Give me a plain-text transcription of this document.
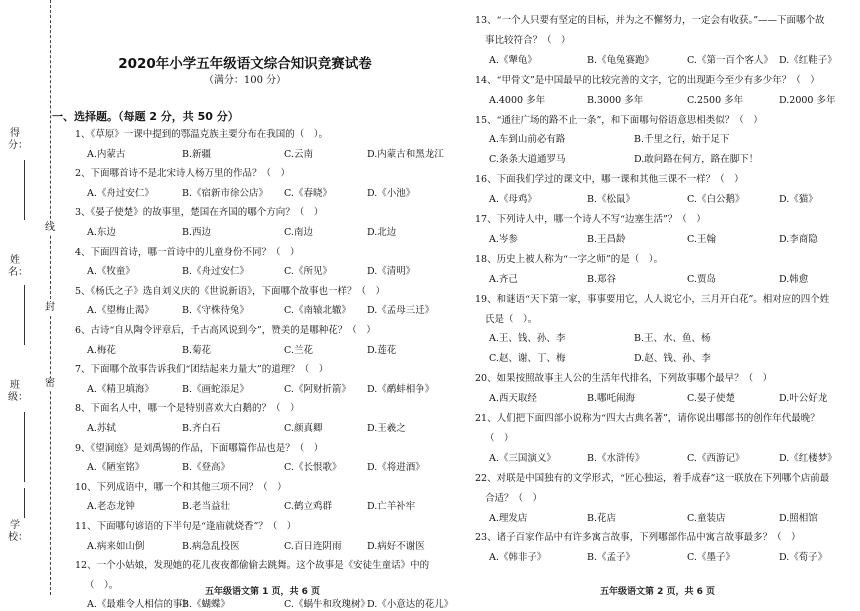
得分：
线
姓名：
封
密
班级：
学校：
2020年小学五年级语文综合知识竞赛试卷
（满分：100 分）
一、选择题。（每题 2 分，共 50 分）
1、《草原》一课中提到的鄂温克族主要分布在我国的（　）。
A.内蒙古	B.新疆	C.云南	D.内蒙古和黑龙江
2、下面哪首诗不是北宋诗人杨万里的作品？（　）
A.《舟过安仁》	B.《宿新市徐公店》 C.《春晓》	D.《小池》
3、《晏子使楚》的故事里，楚国在齐国的哪个方向？（　）
A.东边	B.西边	C.南边	D.北边
4、下面四首诗，哪一首诗中的儿童身份不同？（　）
A.《牧童》	B.《舟过安仁》	C.《所见》	D.《清明》
5、《杨氏之子》选自刘义庆的《世说新语》，下面哪个故事也一样？（　）
A.《望梅止渴》	B.《守株待兔》	C.《南辕北辙》 D.《孟母三迁》
6、古诗“自从陶令评章后，千古高风说到今”，赞美的是哪种花？（　）
A.梅花	B.菊花	C.兰花	D.莲花
7、下面哪个故事告诉我们“团结起来力量大”的道理？（　）
A.《精卫填海》	B.《画蛇添足》	C.《阿财折箭》 D.《鹬蚌相争》
8、下面名人中，哪一个是特别喜欢大白鹅的？（　）
A.苏轼	B.齐白石	C.颜真卿	D.王羲之
9、《望洞庭》是刘禹锡的作品，下面哪篇作品也是？（　）
A.《陋室铭》	B.《登高》	C.《长恨歌》	D.《将进酒》
10、下列成语中，哪一个和其他三项不同？（　）
A.老态龙钟	B.老当益壮	C.鹤立鸡群	D.亡羊补牢
11、下面哪句谚语的下半句是“逢庙就烧香”？（　）
A.病来如山倒	B.病急乱投医	C.百日连阴雨	D.病好不谢医
12、一个小姑娘，发现她的花儿夜夜都偷偷去跳舞。这个故事是《安徒生童话》中的
（　）。
A.《最难令人相信的事》
B.《蝴蝶》	C.《蜗牛和玫瑰树》
D.《小意达的花儿》
13、“一个人只要有坚定的目标，并为之不懈努力，一定会有收获。”——下面哪个故
事比较符合？（　）
A.《犟龟》	B.《龟兔赛跑》	C.《第一百个客人》 D.《红鞋子》
14、“甲骨文”是中国最早的比较完善的文字，它的出现距今至少有多少年？（　）
A.4000 多年	B.3000 多年	C.2500 多年	D.2000 多年
15、“通往广场的路不止一条”，和下面哪句俗语意思相类似？（　）
A.车到山前必有路	B.千里之行，始于足下
C.条条大道通罗马	D.敢问路在何方，路在脚下！
16、下面我们学过的课文中，哪一课和其他三课不一样？（　）
A.《母鸡》	B.《松鼠》	C.《白公鹅》	D.《猫》
17、下列诗人中，哪一个诗人不写“边塞生活”？（　）
A.岑参	B.王昌龄	C.王翰	D.李商隐
18、历史上被人称为“一字之师”的是（　）。
A.齐己	B.郑谷	C.贾岛	D.韩愈
19、和谜语“天下第一家，事事要用它，人人说它小，三月开白花”。相对应的四个姓
氏是（　）。
A.王、钱、孙、李	B.王、水、鱼、杨
C.赵、谢、丁、梅	D.赵、钱、孙、李
20、如果按照故事主人公的生活年代排名，下列故事哪个最早？（　）
A.西天取经	B.哪吒闹海	C.晏子使楚	D.叶公好龙
21、人们把下面四部小说称为“四大古典名著”，请你说出哪部书的创作年代最晚？
（　）
A.《三国演义》	B.《水浒传》	C.《西游记》	D.《红楼梦》
22、对联是中国独有的文学形式，“匠心独运，着手成春”这一联放在下列哪个店前最
合适？（　）
A.理发店	B.花店	C.童装店	D.照相馆
23、诸子百家作品中有许多寓言故事，下列哪部作品中寓言故事最多？（　）
A.《韩非子》	B.《孟子》	C.《墨子》	D.《荀子》
五年级语文第 1 页，共 6 页	五年级语文第 2 页，共 6 页
